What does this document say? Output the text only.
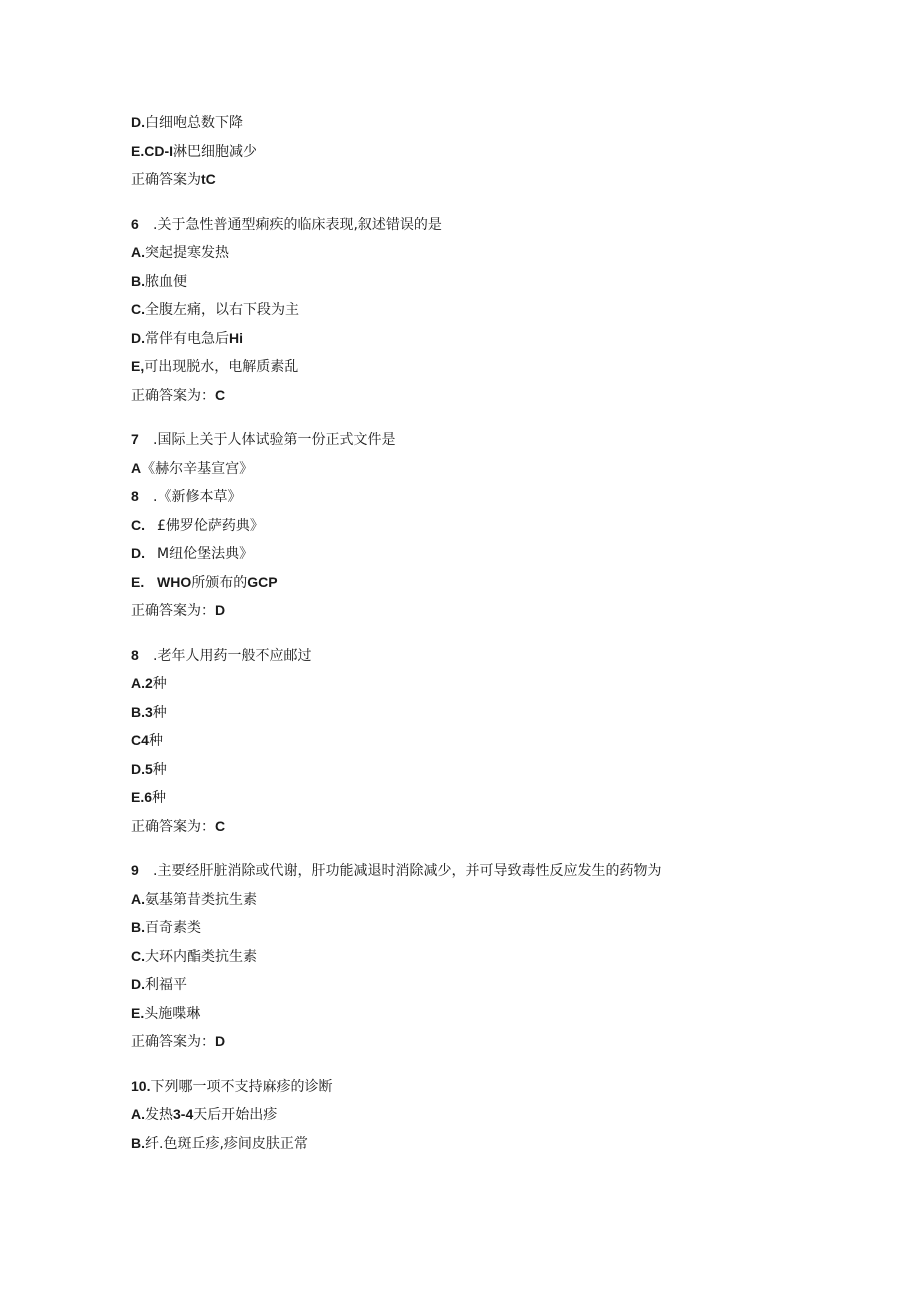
D.白细咆总数下降
E.CD-I淋巴细胞减少
正确答案为tC
6 .关于急性普通型痢疾的临床表现,叙述错误的是
A.突起提寒发热
B.脓血便
C.全腹左痛，以右下段为主
D.常伴有电急后Hi
E,可出现脱水，电解质素乱
正确答案为：C
7 .国际上关于人体试验第一份正式文件是
A《赫尔辛基宣宫》
8 .《新修本草》
C. £佛罗伦萨药典》
D. M纽伦堡法典》
E. WHO所颁布的GCP
正确答案为：D
8 .老年人用药一般不应邮过
A.2种
B.3种
C4种
D.5种
E.6种
正确答案为：C
9 .主要经肝脏消除或代谢，肝功能减退时消除减少，并可导致毒性反应发生的药物为
A.氨基第昔类抗生素
B.百奇素类
C.大环内酯类抗生素
D.利福平
E.头施喋琳
正确答案为：D
10.下列哪一项不支持麻疹的诊断
A.发热3-4天后开始出疹
B.纤.色斑丘疹,疹间皮肤正常
